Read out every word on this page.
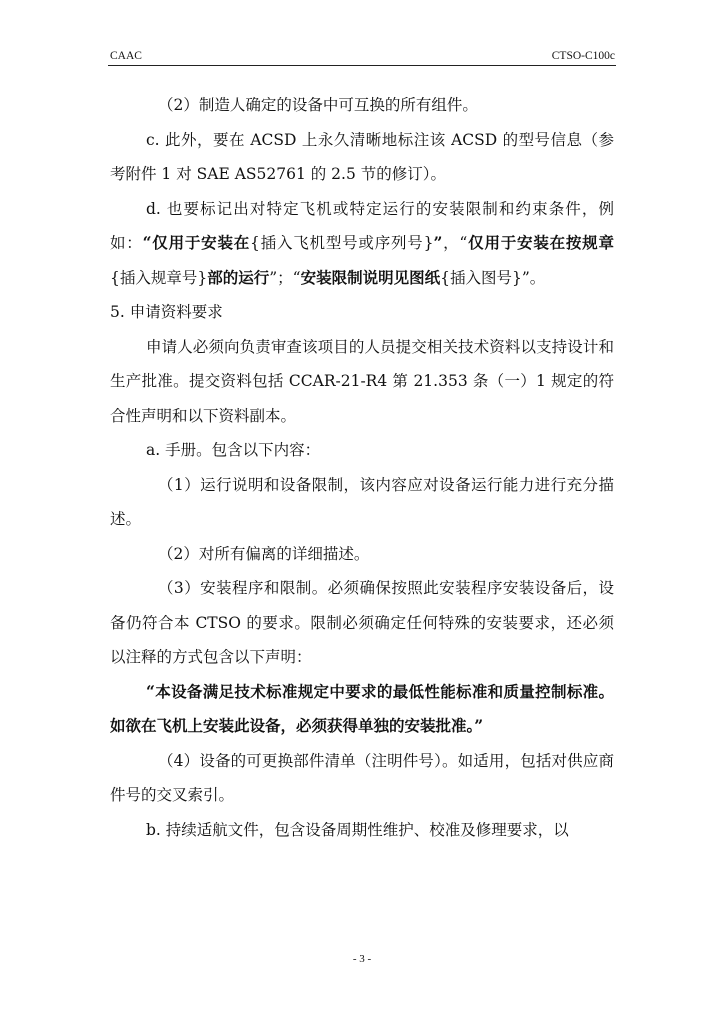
CAAC	CTSO-C100c

（2）制造人确定的设备中可互换的所有组件。

c. 此外，要在 ACSD 上永久清晰地标注该 ACSD 的型号信息（参考附件 1 对 SAE AS52761 的 2.5 节的修订）。

d. 也要标记出对特定飞机或特定运行的安装限制和约束条件，例如：“仅用于安装在{插入飞机型号或序列号}”，“仅用于安装在按规章{插入规章号}部的运行”；“安装限制说明见图纸{插入图号}”。

5. 申请资料要求

申请人必须向负责审查该项目的人员提交相关技术资料以支持设计和生产批准。提交资料包括 CCAR-21-R4 第 21.353 条（一）1 规定的符合性声明和以下资料副本。

a. 手册。包含以下内容：

（1）运行说明和设备限制，该内容应对设备运行能力进行充分描述。

（2）对所有偏离的详细描述。

（3）安装程序和限制。必须确保按照此安装程序安装设备后，设备仍符合本 CTSO 的要求。限制必须确定任何特殊的安装要求，还必须以注释的方式包含以下声明：

“本设备满足技术标准规定中要求的最低性能标准和质量控制标准。如欲在飞机上安装此设备，必须获得单独的安装批准。”

（4）设备的可更换部件清单（注明件号）。如适用，包括对供应商件号的交叉索引。

b. 持续适航文件，包含设备周期性维护、校准及修理要求，以

- 3 -
